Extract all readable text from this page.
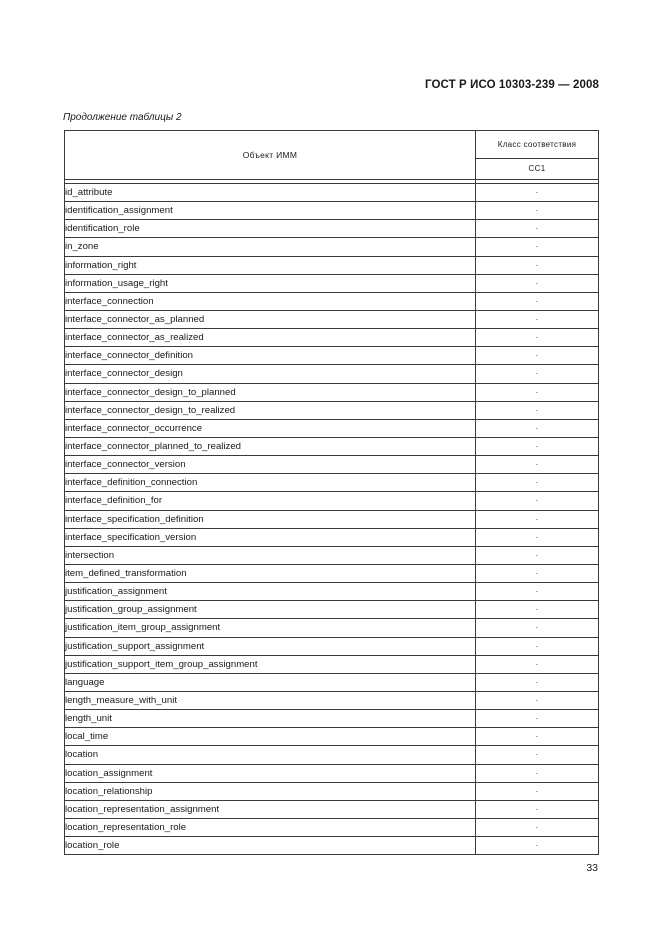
ГОСТ Р ИСО 10303-239 — 2008
Продолжение таблицы 2
Объект ИММ	Класс соответствия
	CC1

id_attribute	·
identification_assignment	·
identification_role	·
in_zone	·
information_right	·
information_usage_right	·
interface_connection	·
interface_connector_as_planned	·
interface_connector_as_realized	·
interface_connector_definition	·
interface_connector_design	·
interface_connector_design_to_planned	·
interface_connector_design_to_realized	·
interface_connector_occurrence	·
interface_connector_planned_to_realized	·
interface_connector_version	·
interface_definition_connection	·
interface_definition_for	·
interface_specification_definition	·
interface_specification_version	·
intersection	·
item_defined_transformation	·
justification_assignment	·
justification_group_assignment	·
justification_item_group_assignment	·
justification_support_assignment	·
justification_support_item_group_assignment	·
language	·
length_measure_with_unit	·
length_unit	·
local_time	·
location	·
location_assignment	·
location_relationship	·
location_representation_assignment	·
location_representation_role	·
location_role	·
33
